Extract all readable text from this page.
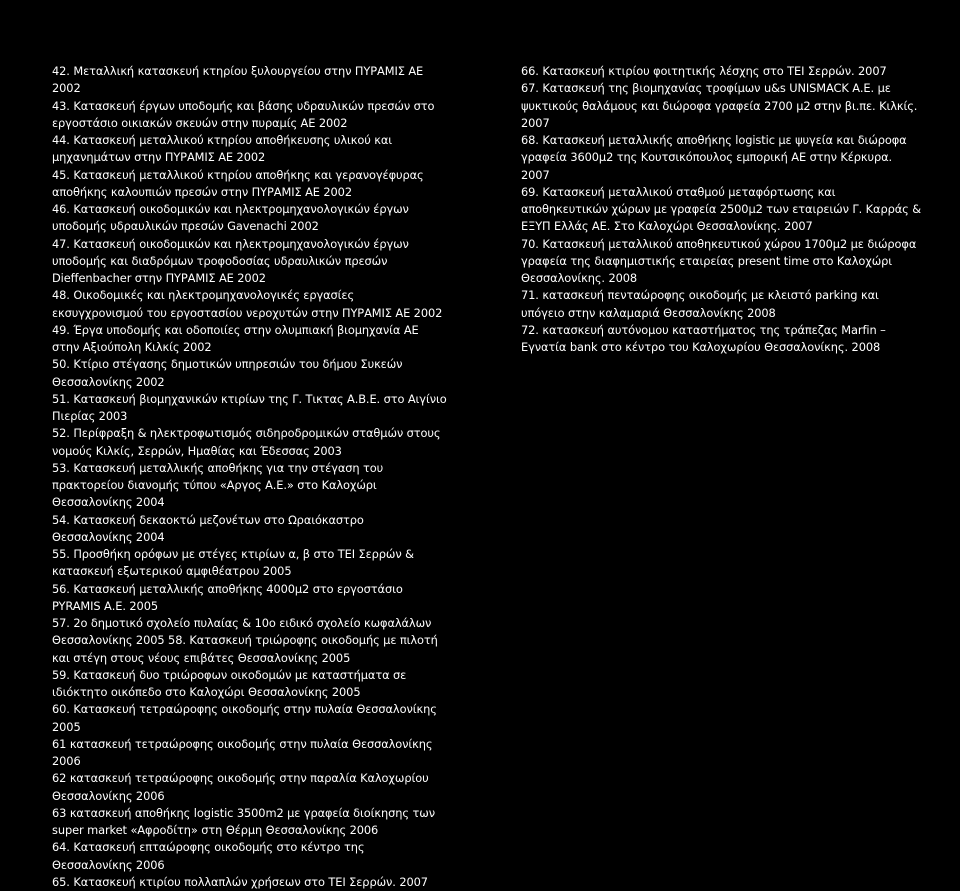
42. Μεταλλική κατασκευή κτηρίου ξυλουργείου στην ΠΥΡΑΜΙΣ ΑΕ 2002

43. Κατασκευή έργων υποδομής και βάσης υδραυλικών πρεσών στο εργοστάσιο οικιακών σκευών στην πυραμίς ΑΕ 2002

44. Κατασκευή μεταλλικού κτηρίου αποθήκευσης υλικού και μηχανημάτων στην ΠΥΡΑΜΙΣ ΑΕ 2002

45. Κατασκευή μεταλλικού κτηρίου αποθήκης και γερανογέφυρας αποθήκης καλουπιών πρεσών στην ΠΥΡΑΜΙΣ ΑΕ 2002

46. Κατασκευή οικοδομικών και ηλεκτρομηχανολογικών έργων υποδομής υδραυλικών πρεσών Gavenachi 2002

47. Κατασκευή οικοδομικών και ηλεκτρομηχανολογικών έργων υποδομής και διαδρόμων τροφοδοσίας υδραυλικών πρεσών Dieffenbacher στην ΠΥΡΑΜΙΣ ΑΕ 2002

48. Οικοδομικές και ηλεκτρομηχανολογικές εργασίες εκσυγχρονισμού του εργοστασίου νεροχυτών στην ΠΥΡΑΜΙΣ ΑΕ 2002

49. Έργα υποδομής και οδοποιίες στην ολυμπιακή βιομηχανία ΑΕ στην Αξιούπολη Κιλκίς 2002

50. Κτίριο στέγασης δημοτικών υπηρεσιών του δήμου Συκεών Θεσσαλονίκης 2002

51. Κατασκευή βιομηχανικών κτιρίων της Γ. Τικτας Α.Β.Ε. στο Αιγίνιο Πιερίας 2003

52. Περίφραξη & ηλεκτροφωτισμός σιδηροδρομικών σταθμών στους νομούς Κιλκίς, Σερρών, Ημαθίας και Έδεσσας 2003

53. Κατασκευή μεταλλικής αποθήκης για την στέγαση του πρακτορείου διανομής τύπου «Αργος Α.Ε.» στο Καλοχώρι Θεσσαλονίκης 2004

54. Κατασκευή δεκαοκτώ μεζονέτων στο Ωραιόκαστρο Θεσσαλονίκης 2004

55. Προσθήκη ορόφων με στέγες κτιρίων α, β στο ΤΕΙ Σερρών & κατασκευή εξωτερικού αμφιθέατρου 2005

56. Κατασκευή μεταλλικής αποθήκης 4000μ2 στο εργοστάσιο PYRAMIS Α.Ε. 2005

57. 2ο δημοτικό σχολείο πυλαίας & 10ο ειδικό σχολείο κωφαλάλων Θεσσαλονίκης 2005 58. Κατασκευή τριώροφης οικοδομής με πιλοτή και στέγη στους νέους επιβάτες Θεσσαλονίκης 2005

59. Κατασκευή δυο τριώροφων οικοδομών με καταστήματα σε ιδιόκτητο οικόπεδο στο Καλοχώρι Θεσσαλονίκης 2005

60. Κατασκευή τετραώροφης οικοδομής στην πυλαία Θεσσαλονίκης 2005

61 κατασκευή τετραώροφης οικοδομής στην πυλαία Θεσσαλονίκης 2006

62 κατασκευή τετραώροφης οικοδομής στην παραλία Καλοχωρίου Θεσσαλονίκης 2006

63 κατασκευή αποθήκης logistic 3500m2 με γραφεία διοίκησης των super market «Αφροδίτη» στη Θέρμη Θεσσαλονίκης 2006

64. Κατασκευή επταώροφης οικοδομής στο κέντρο της Θεσσαλονίκης 2006

65. Κατασκευή κτιρίου πολλαπλών χρήσεων στο ΤΕΙ Σερρών. 2007

66. Κατασκευή κτιρίου φοιτητικής λέσχης στο ΤΕΙ Σερρών. 2007

67. Κατασκευή της βιομηχανίας τροφίμων u&s UNISMACK Α.Ε. με ψυκτικούς θαλάμους και διώροφα γραφεία 2700 μ2 στην βι.πε. Κιλκίς. 2007

68. Κατασκευή μεταλλικής αποθήκης logistic με ψυγεία και διώροφα γραφεία 3600μ2 της Κουτσικόπουλος εμπορική ΑΕ στην Κέρκυρα. 2007

69. Κατασκευή μεταλλικού σταθμού μεταφόρτωσης και αποθηκευτικών χώρων με γραφεία 2500μ2 των εταιρειών Γ. Καρράς & ΕΞΥΠ Ελλάς ΑΕ. Στο Καλοχώρι Θεσσαλονίκης. 2007

70. Κατασκευή μεταλλικού αποθηκευτικού χώρου 1700μ2 με διώροφα γραφεία της διαφημιστικής εταιρείας present time στο Καλοχώρι Θεσσαλονίκης. 2008

71. κατασκευή πενταώροφης οικοδομής με κλειστό parking και υπόγειο στην καλαμαριά Θεσσαλονίκης 2008

72. κατασκευή αυτόνομου καταστήματος της τράπεζας Marfin – Εγνατία bank στο κέντρο του Καλοχωρίου Θεσσαλονίκης. 2008
